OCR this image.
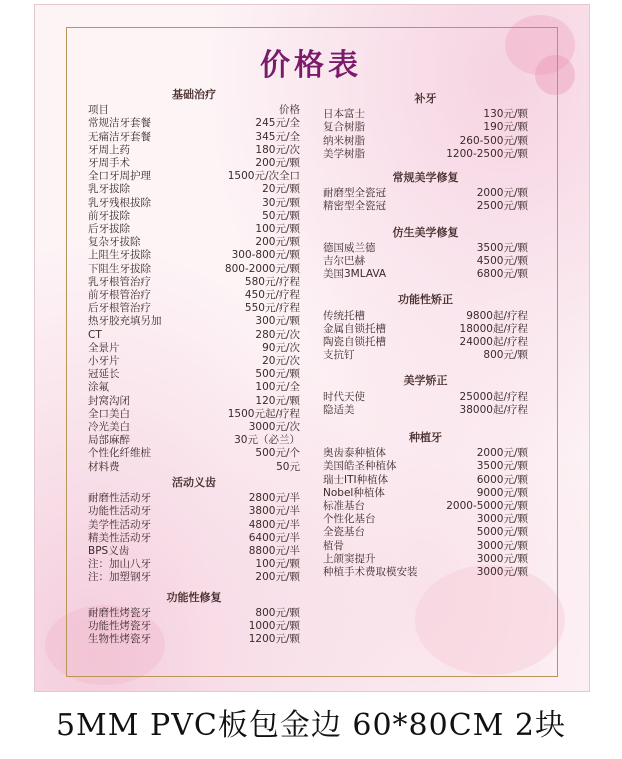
价格表
基础治疗
项目	价格
常规洁牙套餐	245元/全
无痛洁牙套餐	345元/全
牙周上药	180元/次
牙周手术	200元/颗
全口牙周护理	1500元/次全口
乳牙拔除	20元/颗
乳牙残根拔除	30元/颗
前牙拔除	50元/颗
后牙拔除	100元/颗
复杂牙拔除	200元/颗
上阻生牙拔除	300-800元/颗
下阻生牙拔除	800-2000元/颗
乳牙根管治疗	580元/疗程
前牙根管治疗	450元/疗程
后牙根管治疗	550元/疗程
热牙胶充填另加	300元/颗
CT	280元/次
全景片	90元/次
小牙片	20元/次
冠延长	500元/颗
涂氟	100元/全
封窝沟闭	120元/颗
全口美白	1500元起/疗程
冷光美白	3000元/次
局部麻醉	30元（必兰）
个性化纤维桩	500元/个
材料费	50元
活动义齿
耐磨性活动牙	2800元/半
功能性活动牙	3800元/半
美学性活动牙	4800元/半
精美性活动牙	6400元/半
BPS义齿	8800元/半
注：加山八牙	100元/颗
注：加塑钢牙	200元/颗
功能性修复
耐磨性烤瓷牙	800元/颗
功能性烤瓷牙	1000元/颗
生物性烤瓷牙	1200元/颗
补牙
日本富士	130元/颗
复合树脂	190元/颗
纳米树脂	260-500元/颗
美学树脂	1200-2500元/颗
常规美学修复
耐磨型全瓷冠	2000元/颗
精密型全瓷冠	2500元/颗
仿生美学修复
德国威兰德	3500元/颗
吉尔巴赫	4500元/颗
美国3MLAVA	6800元/颗
功能性矫正
传统托槽	9800起/疗程
金属自锁托槽	18000起/疗程
陶瓷自锁托槽	24000起/疗程
支抗钉	800元/颗
美学矫正
时代天使	25000起/疗程
隐适美	38000起/疗程
种植牙
奥齿泰种植体	2000元/颗
美国皓圣种植体	3500元/颗
瑞士ITI种植体	6000元/颗
Nobel种植体	9000元/颗
标准基台	2000-5000元/颗
个性化基台	3000元/颗
全瓷基台	5000元/颗
植骨	3000元/颗
上颌窦提升	3000元/颗
种植手术费取模安装	3000元/颗
5MM PVC板包金边 60*80CM 2块
